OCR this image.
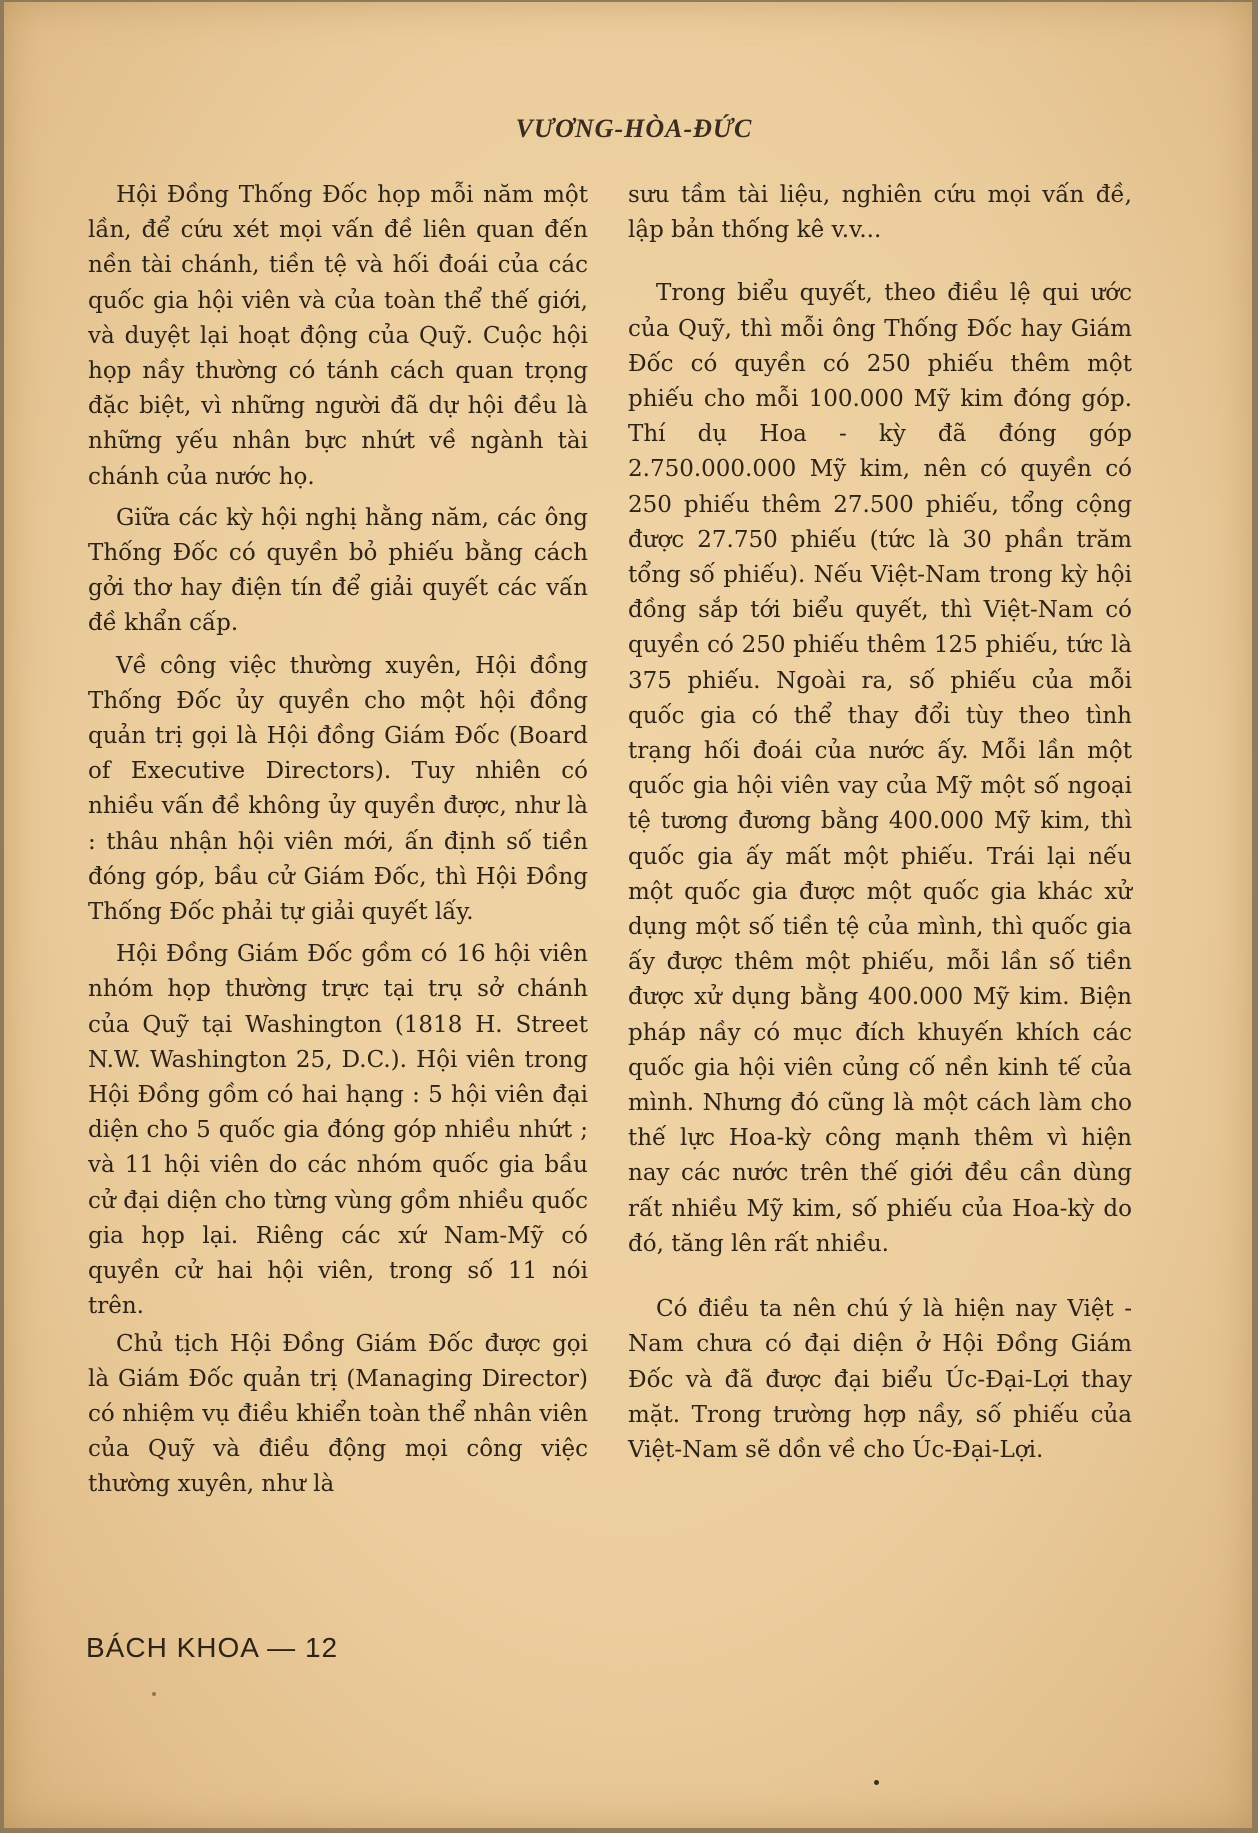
VƯƠNG-HÒA-ĐỨC

Hội Đồng Thống Đốc họp mỗi năm một lần, để cứu xét mọi vấn đề liên quan đến nền tài chánh, tiền tệ và hối đoái của các quốc gia hội viên và của toàn thể thế giới, và duyệt lại hoạt động của Quỹ. Cuộc hội họp nầy thường có tánh cách quan trọng đặc biệt, vì những người đã dự hội đều là những yếu nhân bực nhứt về ngành tài chánh của nước họ.

Giữa các kỳ hội nghị hằng năm, các ông Thống Đốc có quyền bỏ phiếu bằng cách gởi thơ hay điện tín để giải quyết các vấn đề khẩn cấp.

Về công việc thường xuyên, Hội đồng Thống Đốc ủy quyền cho một hội đồng quản trị gọi là Hội đồng Giám Đốc (Board of Executive Directors). Tuy nhiên có nhiều vấn đề không ủy quyền được, như là : thâu nhận hội viên mới, ấn định số tiền đóng góp, bầu cử Giám Đốc, thì Hội Đồng Thống Đốc phải tự giải quyết lấy.

Hội Đồng Giám Đốc gồm có 16 hội viên nhóm họp thường trực tại trụ sở chánh của Quỹ tại Washington (1818 H. Street N.W. Washington 25, D.C.). Hội viên trong Hội Đồng gồm có hai hạng : 5 hội viên đại diện cho 5 quốc gia đóng góp nhiều nhứt ; và 11 hội viên do các nhóm quốc gia bầu cử đại diện cho từng vùng gồm nhiều quốc gia họp lại. Riêng các xứ Nam-Mỹ có quyền cử hai hội viên, trong số 11 nói trên.

Chủ tịch Hội Đồng Giám Đốc được gọi là Giám Đốc quản trị (Managing Director) có nhiệm vụ điều khiển toàn thể nhân viên của Quỹ và điều động mọi công việc thường xuyên, như là

sưu tầm tài liệu, nghiên cứu mọi vấn đề, lập bản thống kê v.v...

Trong biểu quyết, theo điều lệ qui ước của Quỹ, thì mỗi ông Thống Đốc hay Giám Đốc có quyền có 250 phiếu thêm một phiếu cho mỗi 100.000 Mỹ kim đóng góp. Thí dụ Hoa - kỳ đã đóng góp 2.750.000.000 Mỹ kim, nên có quyền có 250 phiếu thêm 27.500 phiếu, tổng cộng được 27.750 phiếu (tức là 30 phần trăm tổng số phiếu). Nếu Việt-Nam trong kỳ hội đồng sắp tới biểu quyết, thì Việt-Nam có quyền có 250 phiếu thêm 125 phiếu, tức là 375 phiếu. Ngoài ra, số phiếu của mỗi quốc gia có thể thay đổi tùy theo tình trạng hối đoái của nước ấy. Mỗi lần một quốc gia hội viên vay của Mỹ một số ngoại tệ tương đương bằng 400.000 Mỹ kim, thì quốc gia ấy mất một phiếu. Trái lại nếu một quốc gia được một quốc gia khác xử dụng một số tiền tệ của mình, thì quốc gia ấy được thêm một phiếu, mỗi lần số tiền được xử dụng bằng 400.000 Mỹ kim. Biện pháp nầy có mục đích khuyến khích các quốc gia hội viên củng cố nền kinh tế của mình. Nhưng đó cũng là một cách làm cho thế lực Hoa-kỳ công mạnh thêm vì hiện nay các nước trên thế giới đều cần dùng rất nhiều Mỹ kim, số phiếu của Hoa-kỳ do đó, tăng lên rất nhiều.

Có điều ta nên chú ý là hiện nay Việt - Nam chưa có đại diện ở Hội Đồng Giám Đốc và đã được đại biểu Úc-Đại-Lợi thay mặt. Trong trường hợp nầy, số phiếu của Việt-Nam sẽ dồn về cho Úc-Đại-Lợi.

BÁCH KHOA — 12
